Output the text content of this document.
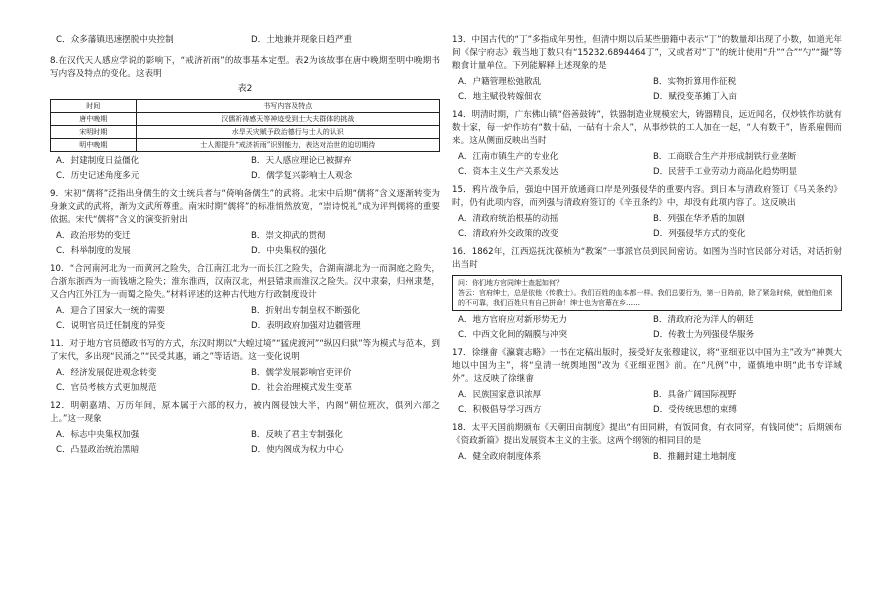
C．众多藩镇迅速摆脱中央控制	D．土地兼并现象日趋严重
8.在汉代天人感应学说的影响下，“戒济祈雨”的故事基本定型。表2为该故事在唐中晚期至明中晚期书写内容及特点的变化。这表明
表2
时间	书写内容及特点
唐中晚期	汉儒祈祷感天等神迹受到士大夫群体的挑战
宋明时期	水旱天灾赋予政治德行与士人的认识
明中晚期	士人需提升“戒济祈雨”识别能力，表达对治世的迫切期待
A．封建制度日益僵化	B．天人感应理论已被摒弃
C．历史记述角度多元	D．儒学复兴影响士人观念
9．宋初“儒将”泛指出身儒生的文士统兵者与“倚响备儒生”的武将。北宋中后期“儒将”含义逐渐转变为身兼文武的武将，渐为文武所尊重。南宋时期“儒将”的标准悄然放宽，“崇诗悦礼”成为评判儒将的重要依据。宋代“儒将”含义的演变折射出
A．政治形势的变迁	B．崇文抑武的贯彻
C．科举制度的发展	D．中央集权的强化
10．“合河南河北为一而黄河之险失，合江南江北为一而长江之险失，合湖南湖北为一而洞庭之险失，合浙东浙西为一而钱塘之险失；淮东淮西，汉南汉北，州县错隶而淮汉之险失。汉中隶秦，归州隶楚，又合内江外江为一而蜀之险失。”材料评述的这种古代地方行政制度设计
A．迎合了国家大一统的需要	B．折射出专制皇权不断强化
C．说明官员迁任制度的异变	D．表明政府加强对边疆管理
11．对于地方官员德政书写的方式，东汉时期以“大蝗过境”“猛虎渡河”“纵囚归狱”等为模式与范本，到了宋代，多出现“民涌之”“民受其惠，诵之”等话语。这一变化说明
A．经济发展促进观念转变	B．儒学发展影响官吏评价
C．官员考核方式更加规范	D．社会治理模式发生变革
12．明朝嘉靖、万历年间，原本属于六部的权力，被内阁侵蚀大半，内阁“朝位班次，俱列六部之上。”这一现象
A．标志中央集权加强	B．反映了君主专制强化
C．凸显政治统治黑暗	D．使内阁成为权力中心
13．中国古代的“丁”多指成年男性，但清中期以后某些册籍中表示“丁”的数量却出现了小数，如道光年间《保宁府志》载当地丁数只有“15232.6894464丁”，又或者对“丁”的统计使用“升”“合”“勺”“撮”等粮食计量单位。下列能解释上述现象的是
A．户籍管理松弛散乱	B．实物折算用作征税
C．地主赋役转嫁佃农	D．赋役变革摊丁入亩
14．明清时期，广东佛山镇“俗善鼓铸”，铁器制造业规模宏大，铸器精良，远近闻名，仅炒铁作坊就有数十家，每一炉作坊有“数十砧，一砧有十余人”，从事炒铁的工人加在一起，“人有数千”，皆系雇佣而来。这从侧面反映出当时
A．江南市镇生产的专业化	B．工商联合生产并形成制铁行业垄断
C．资本主义生产关系发达	D．民营手工业劳动力商品化趋势明显
15．鸦片战争后，强迫中国开放通商口岸是列强侵华的重要内容。到日本与清政府签订《马关条约》时，仍有此项内容，而列强与清政府签订的《辛丑条约》中，却没有此项内容了。这反映出
A．清政府统治根基的动摇	B．列强在华矛盾的加剧
C．清政府外交政策的改变	D．列强侵华方式的变化
16．1862年，江西巡抚沈葆桢为“教案”一事派官员到民间密访。如图为当时官民部分对话，对话折射出当时
问：你们地方官同绅士查起如何？
答云：官府绅士，总是依他（传教士）。我们百姓的血本都一样。我们总要行为，第一日阵前，除了紧急时候，就怕他们来的不可靠，我们百姓只有自己拼命！绅士也为官幕在乡……
A．地方官府应对新形势无力	B．清政府沦为洋人的朝廷
C．中西文化间的隔膜与冲突	D．传教士为列强侵华服务
17．徐继畬《瀛寰志略》一书在定稿出版时，接受好友张穆建议，将“亚细亚以中国为主”改为“神舆大地以中国为主”，将“皇清一统舆地图”改为《亚细亚图》前。在“凡例”中，谨慎地申明“此书专详域外”。这反映了徐继畬
A．民族国家意识浓厚	B．具备广阔国际视野
C．积极倡导学习西方	D．受传统思想的束缚
18．太平天国前期颁布《天朝田亩制度》提出“有田同耕，有饭同食，有衣同穿，有钱同使”；后期颁布《资政新篇》提出发展资本主义的主张。这两个纲领的相同目的是
A．健全政府制度体系	B．推翻封建土地制度
